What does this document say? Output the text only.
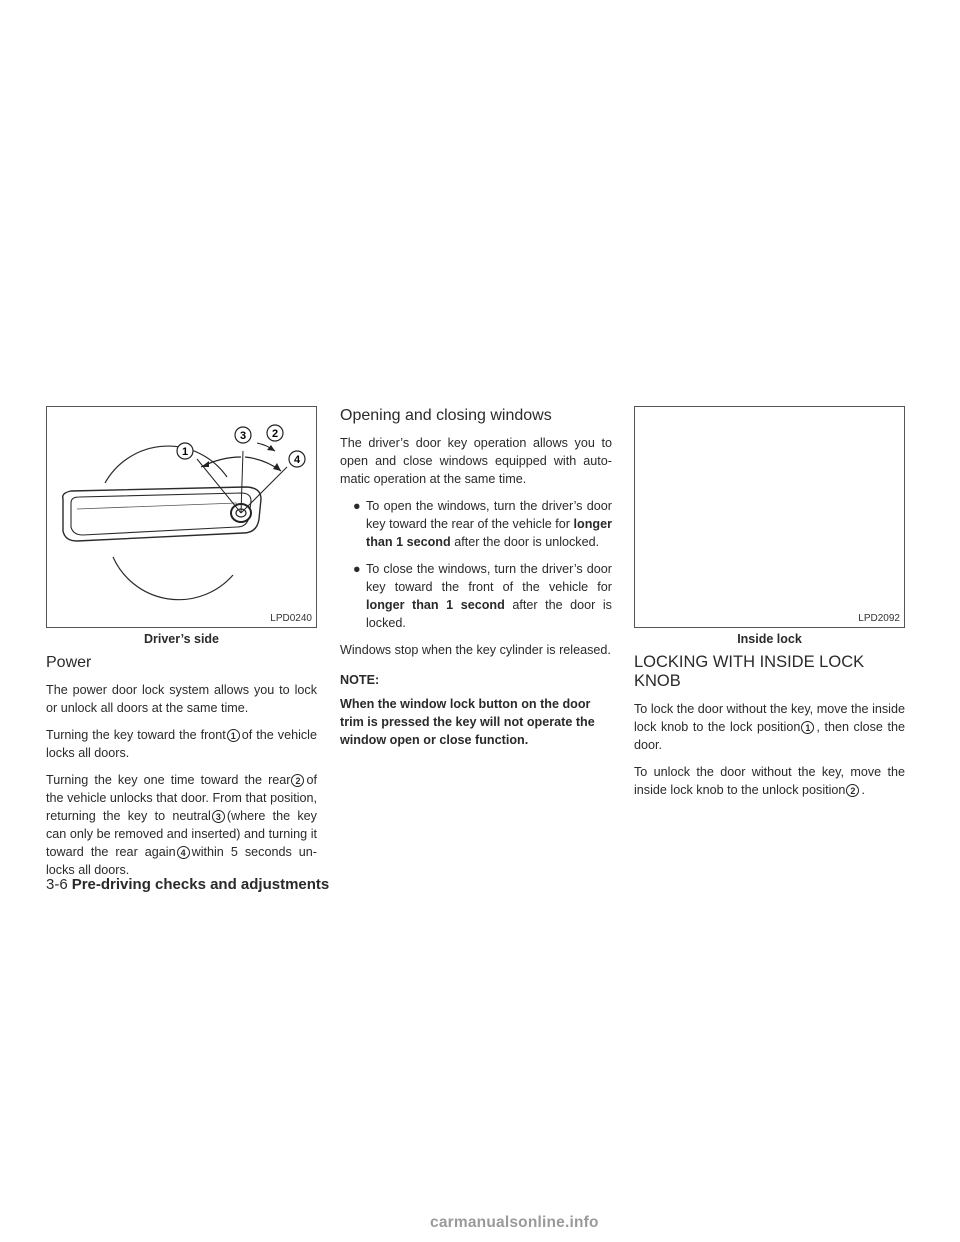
1
3 2
4
LPD0240
Driver’s side
Power

The power door lock system allows you to lock or unlock all doors at the same time.

Turning the key toward the front 1 of the vehicle locks all doors.

Turning the key one time toward the rear 2 of the vehicle unlocks that door. From that position, returning the key to neutral 3 (where the key can only be removed and inserted) and turning it toward the rear again 4 within 5 seconds un-locks all doors.

Opening and closing windows

The driver’s door key operation allows you to open and close windows equipped with auto-matic operation at the same time.

● To open the windows, turn the driver’s door key toward the rear of the vehicle for longer than 1 second after the door is unlocked.
● To close the windows, turn the driver’s door key toward the front of the vehicle for longer than 1 second after the door is locked.

Windows stop when the key cylinder is released.

NOTE:

When the window lock button on the door trim is pressed the key will not operate the window open or close function.

LPD2092
Inside lock
LOCKING WITH INSIDE LOCK KNOB

To lock the door without the key, move the inside lock knob to the lock position 1 , then close the door.

To unlock the door without the key, move the inside lock knob to the unlock position 2 .

3-6 Pre-driving checks and adjustments
carmanualsonline.info
